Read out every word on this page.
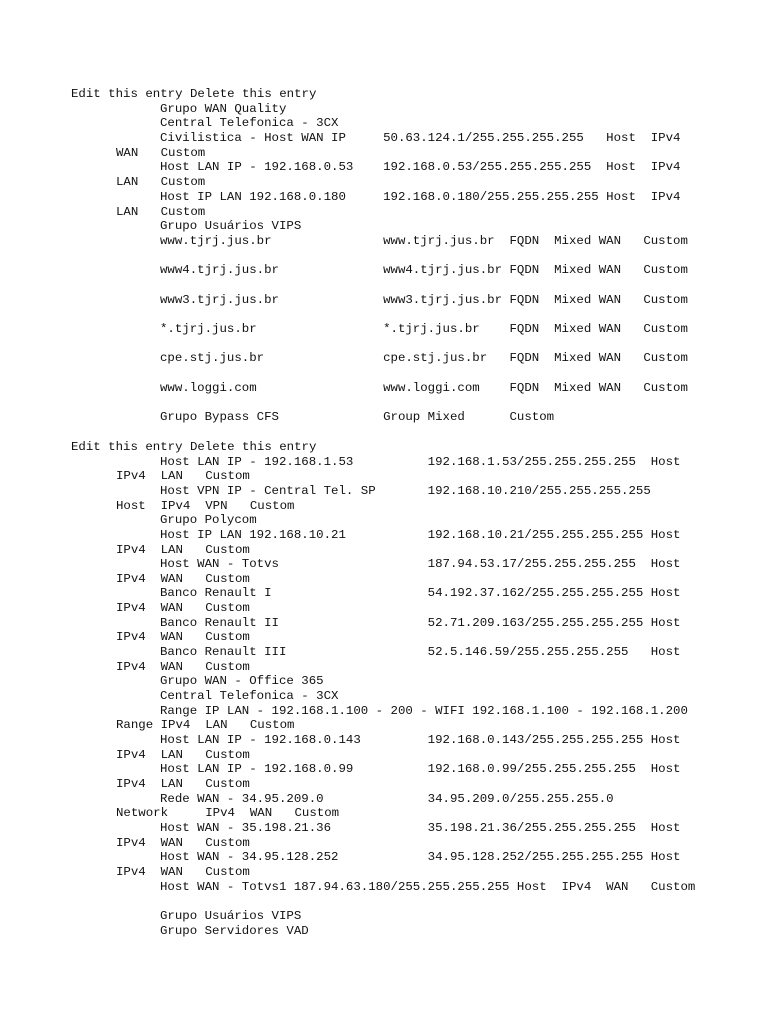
Edit this entry Delete this entry
Grupo WAN Quality
Central Telefonica - 3CX
Civilistica - Host WAN IP     50.63.124.1/255.255.255.255   Host  IPv4
WAN   Custom
Host LAN IP - 192.168.0.53    192.168.0.53/255.255.255.255  Host  IPv4
LAN   Custom
Host IP LAN 192.168.0.180     192.168.0.180/255.255.255.255 Host  IPv4
LAN   Custom
Grupo Usuários VIPS
www.tjrj.jus.br               www.tjrj.jus.br  FQDN  Mixed WAN   Custom
www4.tjrj.jus.br              www4.tjrj.jus.br FQDN  Mixed WAN   Custom
www3.tjrj.jus.br              www3.tjrj.jus.br FQDN  Mixed WAN   Custom
*.tjrj.jus.br                 *.tjrj.jus.br    FQDN  Mixed WAN   Custom
cpe.stj.jus.br                cpe.stj.jus.br   FQDN  Mixed WAN   Custom
www.loggi.com                 www.loggi.com    FQDN  Mixed WAN   Custom
Grupo Bypass CFS              Group Mixed      Custom
Edit this entry Delete this entry
Host LAN IP - 192.168.1.53          192.168.1.53/255.255.255.255  Host
IPv4  LAN   Custom
Host VPN IP - Central Tel. SP       192.168.10.210/255.255.255.255
Host  IPv4  VPN   Custom
Grupo Polycom
Host IP LAN 192.168.10.21           192.168.10.21/255.255.255.255 Host
IPv4  LAN   Custom
Host WAN - Totvs                    187.94.53.17/255.255.255.255  Host
IPv4  WAN   Custom
Banco Renault I                     54.192.37.162/255.255.255.255 Host
IPv4  WAN   Custom
Banco Renault II                    52.71.209.163/255.255.255.255 Host
IPv4  WAN   Custom
Banco Renault III                   52.5.146.59/255.255.255.255   Host
IPv4  WAN   Custom
Grupo WAN - Office 365
Central Telefonica - 3CX
Range IP LAN - 192.168.1.100 - 200 - WIFI 192.168.1.100 - 192.168.1.200
Range IPv4  LAN   Custom
Host LAN IP - 192.168.0.143         192.168.0.143/255.255.255.255 Host
IPv4  LAN   Custom
Host LAN IP - 192.168.0.99          192.168.0.99/255.255.255.255  Host
IPv4  LAN   Custom
Rede WAN - 34.95.209.0              34.95.209.0/255.255.255.0
Network     IPv4  WAN   Custom
Host WAN - 35.198.21.36             35.198.21.36/255.255.255.255  Host
IPv4  WAN   Custom
Host WAN - 34.95.128.252            34.95.128.252/255.255.255.255 Host
IPv4  WAN   Custom
Host WAN - Totvs1 187.94.63.180/255.255.255.255 Host  IPv4  WAN   Custom
Grupo Usuários VIPS
Grupo Servidores VAD
